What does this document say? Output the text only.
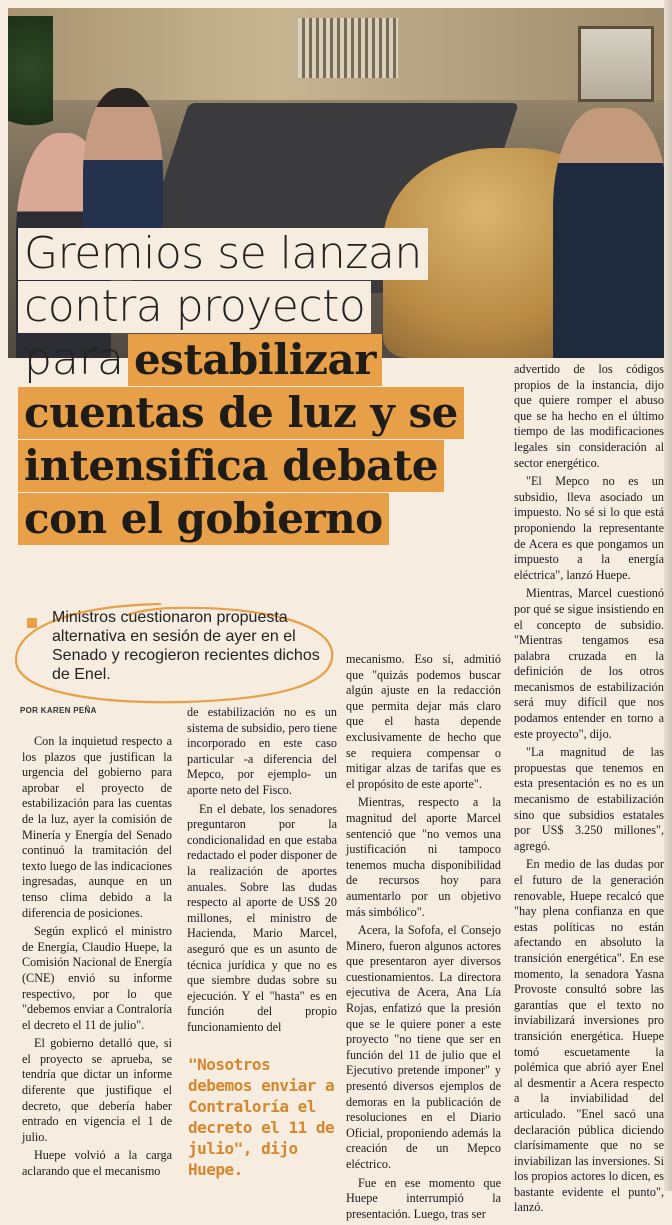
Gremios se lanzan
contra proyecto
para estabilizar
cuentas de luz y se
intensifica debate
con el gobierno
Ministros cuestionaron propuesta alternativa en sesión de ayer en el Senado y recogieron recientes dichos de Enel.
POR KAREN PEÑA

Con la inquietud respecto a los plazos que justifican la urgencia del gobierno para aprobar el proyecto de estabilización para las cuentas de la luz, ayer la comisión de Minería y Energía del Senado continuó la tramitación del texto luego de las indicaciones ingresadas, aunque en un tenso clima debido a la diferencia de posiciones.

Según explicó el ministro de Energía, Claudio Huepe, la Comisión Nacional de Energía (CNE) envió su informe respectivo, por lo que "debemos enviar a Contraloría el decreto el 11 de julio".

El gobierno detalló que, si el proyecto se aprueba, se tendría que dictar un informe diferente que justifique el decreto, que debería haber entrado en vigencia el 1 de julio.

Huepe volvió a la carga aclarando que el mecanismo

de estabilización no es un sistema de subsidio, pero tiene incorporado en este caso particular -a diferencia del Mepco, por ejemplo- un aporte neto del Fisco.

En el debate, los senadores preguntaron por la condicionalidad en que estaba redactado el poder disponer de la realización de aportes anuales. Sobre las dudas respecto al aporte de US$ 20 millones, el ministro de Hacienda, Mario Marcel, aseguró que es un asunto de técnica jurídica y que no es que siembre dudas sobre su ejecución. Y el "hasta" es en función del propio funcionamiento del

"Nosotros debemos enviar a Contraloría el decreto el 11 de julio", dijo Huepe.

mecanismo. Eso sí, admitió que "quizás podemos buscar algún ajuste en la redacción que permita dejar más claro que el hasta depende exclusivamente de hecho que se requiera compensar o mitigar alzas de tarifas que es el propósito de este aporte".

Mientras, respecto a la magnitud del aporte Marcel sentenció que "no vemos una justificación ni tampoco tenemos mucha disponibilidad de recursos hoy para aumentarlo por un objetivo más simbólico".

Acera, la Sofofa, el Consejo Minero, fueron algunos actores que presentaron ayer diversos cuestionamientos. La directora ejecutiva de Acera, Ana Lía Rojas, enfatizó que la presión que se le quiere poner a este proyecto "no tiene que ser en función del 11 de julio que el Ejecutivo pretende imponer" y presentó diversos ejemplos de demoras en la publicación de resoluciones en el Diario Oficial, proponiendo además la creación de un Mepco eléctrico.

Fue en ese momento que Huepe interrumpió la presentación. Luego, tras ser

advertido de los códigos propios de la instancia, dijo que quiere romper el abuso que se ha hecho en el último tiempo de las modificaciones legales sin consideración al sector energético.

"El Mepco no es un subsidio, lleva asociado un impuesto. No sé si lo que está proponiendo la representante de Acera es que pongamos un impuesto a la energía eléctrica", lanzó Huepe.

Mientras, Marcel cuestionó por qué se sigue insistiendo en el concepto de subsidio. "Mientras tengamos esa palabra cruzada en la definición de los otros mecanismos de estabilización será muy difícil que nos podamos entender en torno a este proyecto", dijo.

"La magnitud de las propuestas que tenemos en esta presentación es no es un mecanismo de estabilización sino que subsidios estatales por US$ 3.250 millones", agregó.

En medio de las dudas por el futuro de la generación renovable, Huepe recalcó que "hay plena confianza en que estas políticas no están afectando en absoluto la transición energética". En ese momento, la senadora Yasna Provoste consultó sobre las garantías que el texto no inviabilizará inversiones pro transición energética. Huepe tomó escuetamente la polémica que abrió ayer Enel al desmentir a Acera respecto a la inviabilidad del articulado. "Enel sacó una declaración pública diciendo clarísimamente que no se inviabilizan las inversiones. Si los propios actores lo dicen, es bastante evidente el punto", lanzó.
